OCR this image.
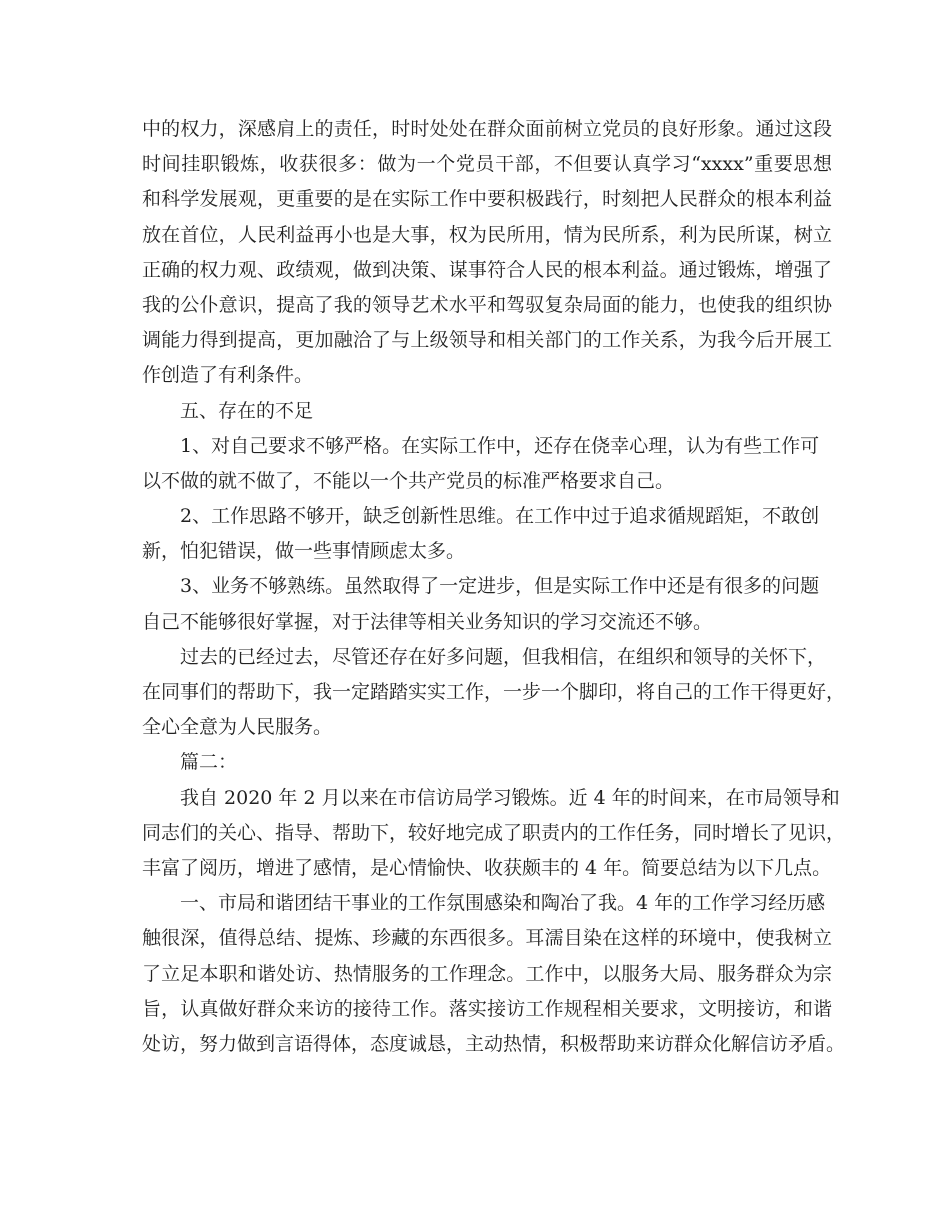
中的权力，深感肩上的责任，时时处处在群众面前树立党员的良好形象。通过这段
时间挂职锻炼，收获很多：做为一个党员干部，不但要认真学习“xxxx”重要思想
和科学发展观，更重要的是在实际工作中要积极践行，时刻把人民群众的根本利益
放在首位，人民利益再小也是大事，权为民所用，情为民所系，利为民所谋，树立
正确的权力观、政绩观，做到决策、谋事符合人民的根本利益。通过锻炼，增强了
我的公仆意识，提高了我的领导艺术水平和驾驭复杂局面的能力，也使我的组织协
调能力得到提高，更加融洽了与上级领导和相关部门的工作关系，为我今后开展工
作创造了有利条件。
五、存在的不足
1、对自己要求不够严格。在实际工作中，还存在侥幸心理，认为有些工作可
以不做的就不做了，不能以一个共产党员的标准严格要求自己。
2、工作思路不够开，缺乏创新性思维。在工作中过于追求循规蹈矩，不敢创
新，怕犯错误，做一些事情顾虑太多。
3、业务不够熟练。虽然取得了一定进步，但是实际工作中还是有很多的问题
自己不能够很好掌握，对于法律等相关业务知识的学习交流还不够。
过去的已经过去，尽管还存在好多问题，但我相信，在组织和领导的关怀下，
在同事们的帮助下，我一定踏踏实实工作，一步一个脚印，将自己的工作干得更好，
全心全意为人民服务。
篇二：
我自 2020 年 2 月以来在市信访局学习锻炼。近 4 年的时间来，在市局领导和
同志们的关心、指导、帮助下，较好地完成了职责内的工作任务，同时增长了见识，
丰富了阅历，增进了感情，是心情愉快、收获颇丰的 4 年。简要总结为以下几点。
一、市局和谐团结干事业的工作氛围感染和陶冶了我。4 年的工作学习经历感
触很深，值得总结、提炼、珍藏的东西很多。耳濡目染在这样的环境中，使我树立
了立足本职和谐处访、热情服务的工作理念。工作中，以服务大局、服务群众为宗
旨，认真做好群众来访的接待工作。落实接访工作规程相关要求，文明接访，和谐
处访，努力做到言语得体，态度诚恳，主动热情，积极帮助来访群众化解信访矛盾。
